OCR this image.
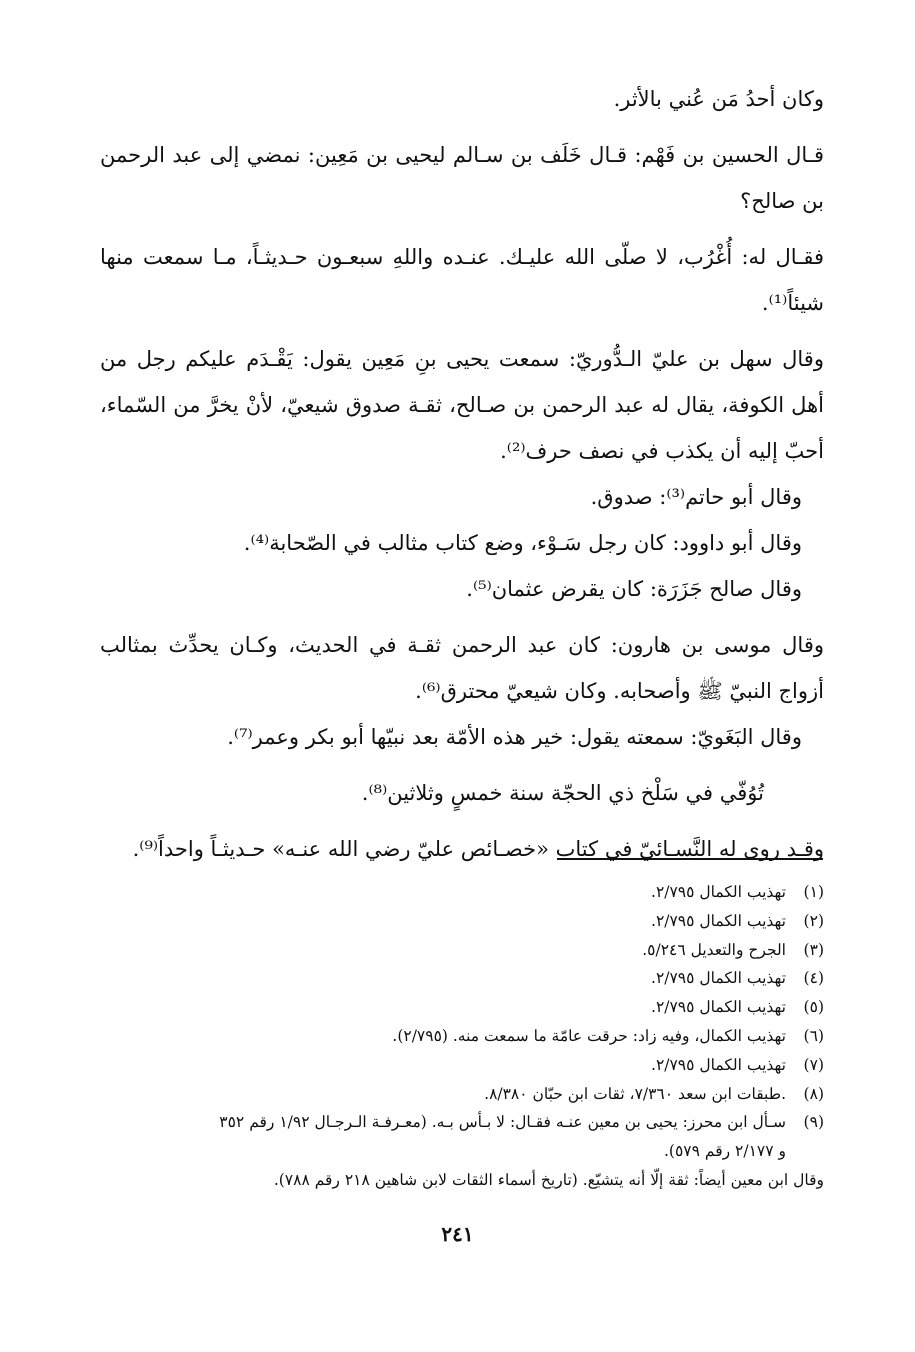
وكان أحدُ مَن عُني بالأثر.

قـال الحسين بن فَهْم: قـال خَلَف بن سـالم ليحيى بن مَعِين: نمضي إلى عبد الرحمن بن صالح؟

فقـال له: أُغْرُب، لا صلّى الله عليـك. عنـده واللهِ سبعـون حـديثـاً، مـا سمعت منها شيئاً⁽¹⁾.

وقال سهل بن عليّ الـدُّوريّ: سمعت يحيى بنِ مَعِين يقول: يَقْـدَم عليكم رجل من أهل الكوفة، يقال له عبد الرحمن بن صـالح، ثقـة صدوق شيعيّ، لأنْ يخرَّ من السّماء، أحبّ إليه أن يكذب في نصف حرف⁽²⁾.

وقال أبو حاتم⁽³⁾: صدوق.

وقال أبو داوود: كان رجل سَـوْء، وضع كتاب مثالب في الصّحابة⁽⁴⁾.

وقال صالح جَزَرَة: كان يقرض عثمان⁽⁵⁾.

وقال موسى بن هارون: كان عبد الرحمن ثقـة في الحديث، وكـان يحدِّث بمثالب أزواج النبيّ ﷺ وأصحابه. وكان شيعيّ محترق⁽⁶⁾.

وقال البَغَويّ: سمعته يقول: خير هذه الأمّة بعد نبيّها أبو بكر وعمر⁽⁷⁾.

تُوُفّي في سَلْخ ذي الحجّة سنة خمسٍ وثلاثين⁽⁸⁾.

وقـد روى له النَّسـائيّ في كتاب «خصـائص عليّ رضي الله عنـه» حـديثـاً واحداً⁽⁹⁾.

(١)تهذيب الكمال ٢/٧٩٥.

(٢)تهذيب الكمال ٢/٧٩٥.

(٣)الجرح والتعديل ٥/٢٤٦.

(٤)تهذيب الكمال ٢/٧٩٥.

(٥)تهذيب الكمال ٢/٧٩٥.

(٦)تهذيب الكمال، وفيه زاد: حرقت عامّة ما سمعت منه. (٢/٧٩٥).

(٧)تهذيب الكمال ٢/٧٩٥.

(٨).طبقات ابن سعد ٧/٣٦٠، ثقات ابن حبّان ٨/٣٨٠.

(٩)سـأل ابن محرز: يحيى بن معين عنـه فقـال: لا بـأس بـه. (معـرفـة الـرجـال ١/٩٢ رقم ٣٥٢

و ٢/١٧٧ رقم ٥٧٩).

وقال ابن معين أيضاً: ثقة إلّا أنه يتشيّع. (تاريخ أسماء الثقات لابن شاهين ٢١٨ رقم ٧٨٨).

٢٤١
